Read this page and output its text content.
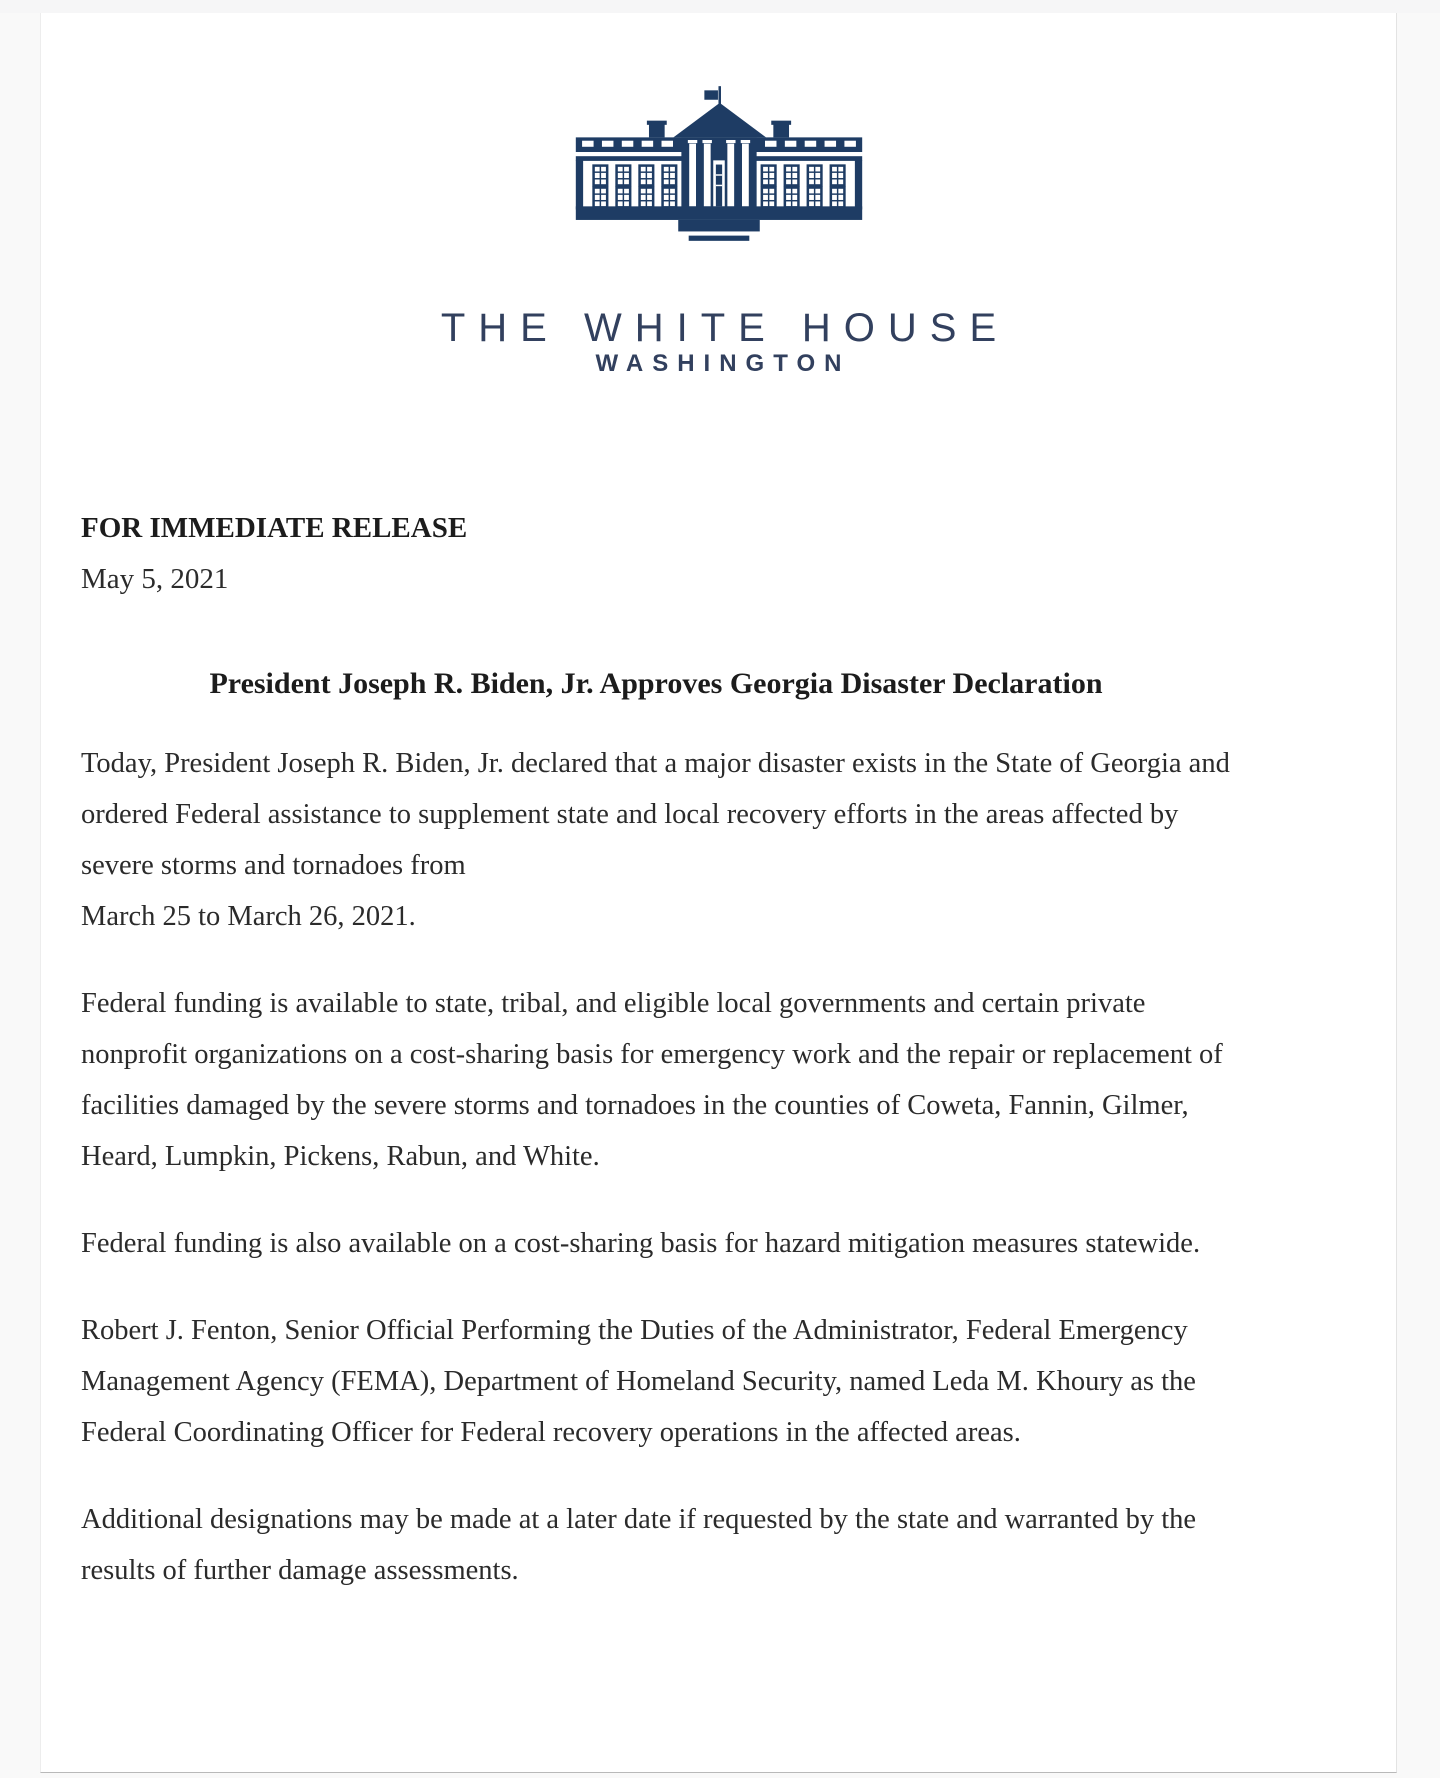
THE WHITE HOUSE
WASHINGTON
FOR IMMEDIATE RELEASE
May 5, 2021
President Joseph R. Biden, Jr. Approves Georgia Disaster Declaration

Today, President Joseph R. Biden, Jr. declared that a major disaster exists in the State of Georgia and ordered Federal assistance to supplement state and local recovery efforts in the areas affected by severe storms and tornadoes from
March 25 to March 26, 2021.

Federal funding is available to state, tribal, and eligible local governments and certain private nonprofit organizations on a cost-sharing basis for emergency work and the repair or replacement of facilities damaged by the severe storms and tornadoes in the counties of Coweta, Fannin, Gilmer, Heard, Lumpkin, Pickens, Rabun, and White.

Federal funding is also available on a cost-sharing basis for hazard mitigation measures statewide.

Robert J. Fenton, Senior Official Performing the Duties of the Administrator, Federal Emergency Management Agency (FEMA), Department of Homeland Security, named Leda M. Khoury as the Federal Coordinating Officer for Federal recovery operations in the affected areas.

Additional designations may be made at a later date if requested by the state and warranted by the results of further damage assessments.
